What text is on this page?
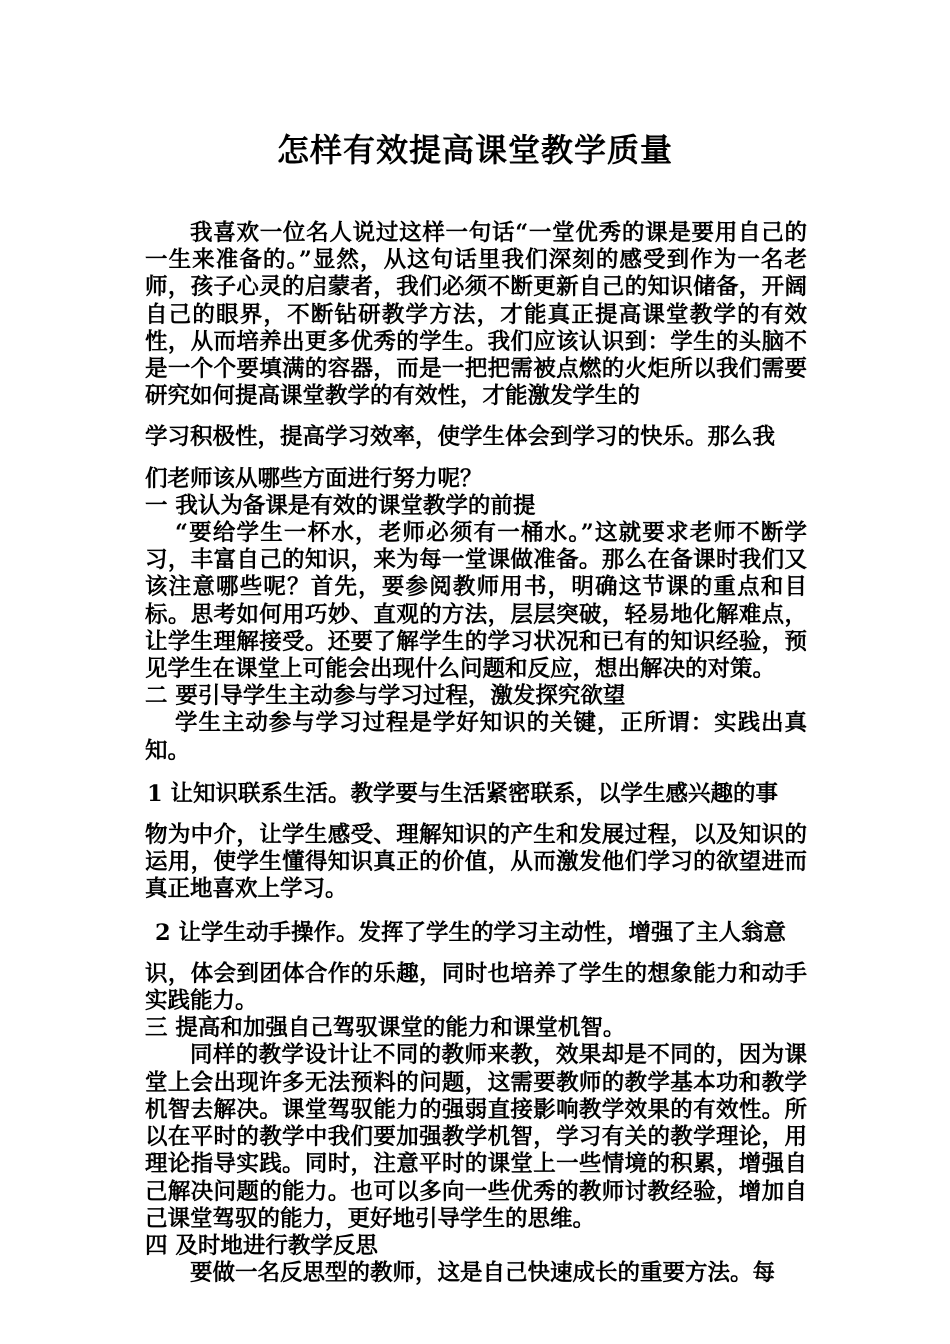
怎样有效提高课堂教学质量

我喜欢一位名人说过这样一句话“一堂优秀的课是要用自己的一生来准备的。”显然，从这句话里我们深刻的感受到作为一名老师，孩子心灵的启蒙者，我们必须不断更新自己的知识储备，开阔自己的眼界，不断钻研教学方法，才能真正提高课堂教学的有效性，从而培养出更多优秀的学生。我们应该认识到：学生的头脑不是一个个要填满的容器，而是一把把需被点燃的火炬所以我们需要研究如何提高课堂教学的有效性，才能激发学生的

学习积极性，提高学习效率，使学生体会到学习的快乐。那么我

们老师该从哪些方面进行努力呢？

一 我认为备课是有效的课堂教学的前提

“要给学生一杯水，老师必须有一桶水。”这就要求老师不断学习，丰富自己的知识，来为每一堂课做准备。那么在备课时我们又该注意哪些呢？首先，要参阅教师用书，明确这节课的重点和目标。思考如何用巧妙、直观的方法，层层突破，轻易地化解难点，让学生理解接受。还要了解学生的学习状况和已有的知识经验，预见学生在课堂上可能会出现什么问题和反应，想出解决的对策。

二 要引导学生主动参与学习过程，激发探究欲望

学生主动参与学习过程是学好知识的关键，正所谓：实践出真知。

1 让知识联系生活。教学要与生活紧密联系，以学生感兴趣的事

物为中介，让学生感受、理解知识的产生和发展过程，以及知识的运用，使学生懂得知识真正的价值，从而激发他们学习的欲望进而真正地喜欢上学习。

2 让学生动手操作。发挥了学生的学习主动性，增强了主人翁意

识，体会到团体合作的乐趣，同时也培养了学生的想象能力和动手实践能力。

三 提高和加强自己驾驭课堂的能力和课堂机智。

同样的教学设计让不同的教师来教，效果却是不同的，因为课堂上会出现许多无法预料的问题，这需要教师的教学基本功和教学机智去解决。课堂驾驭能力的强弱直接影响教学效果的有效性。所以在平时的教学中我们要加强教学机智，学习有关的教学理论，用理论指导实践。同时，注意平时的课堂上一些情境的积累，增强自己解决问题的能力。也可以多向一些优秀的教师讨教经验，增加自己课堂驾驭的能力，更好地引导学生的思维。

四 及时地进行教学反思

要做一名反思型的教师，这是自己快速成长的重要方法。每
